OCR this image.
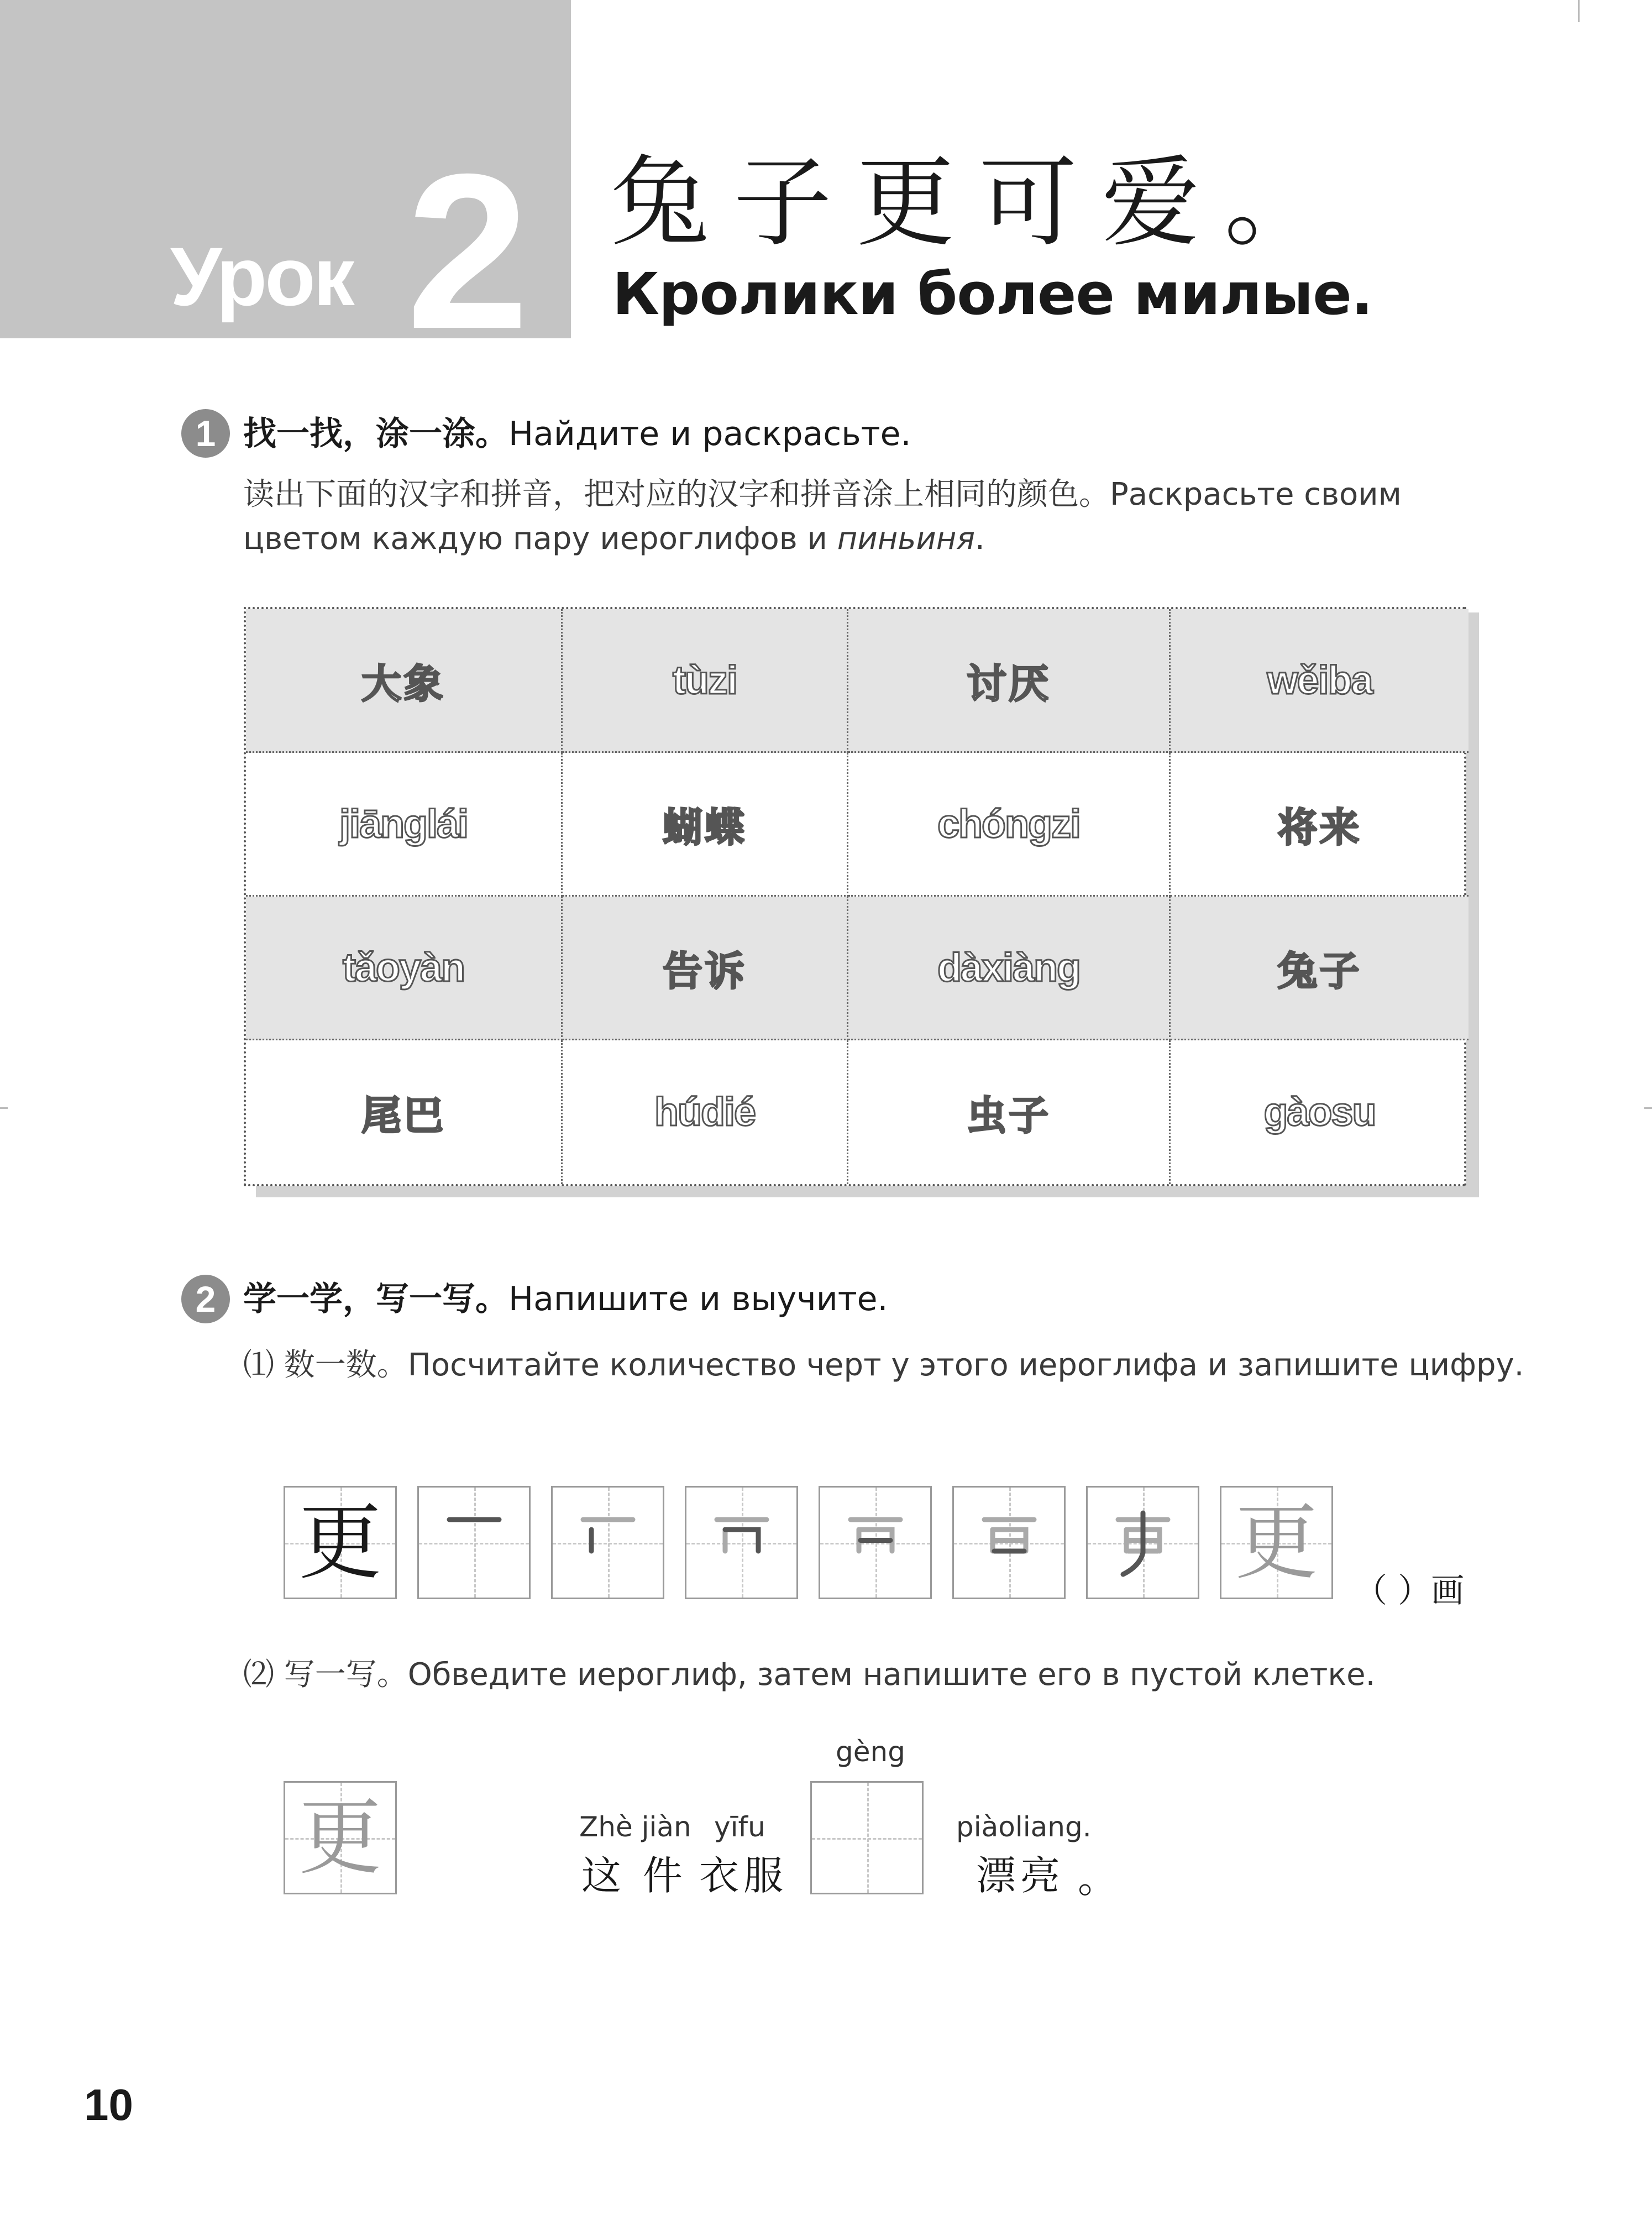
Урок 2 兔子更可爱。
Кролики более милые.
1 找一找，涂一涂。Найдите и раскрасьте.
读出下面的汉字和拼音，把对应的汉字和拼音涂上相同的颜色。Раскрасьте своим
цветом каждую пару иероглифов и пиньиня.
大象	tùzi	讨厌	wěiba
jiānglái	蝴蝶	chóngzi	将来
tǎoyàn	告诉	dàxiàng	兔子
尾巴	húdié	虫子	gàosu
2 学一学，写一写。Напишите и выучите.
⑴ 数一数。Посчитайте количество черт у этого иероглифа и запишите цифру.
更	更
（ ）画
⑵ 写一写。Обведите иероглиф, затем напишите его в пустой клетке.
更	Zhè jiàn yīfu
这 件 衣服
gèng
piàoliang.
漂亮 。
10
